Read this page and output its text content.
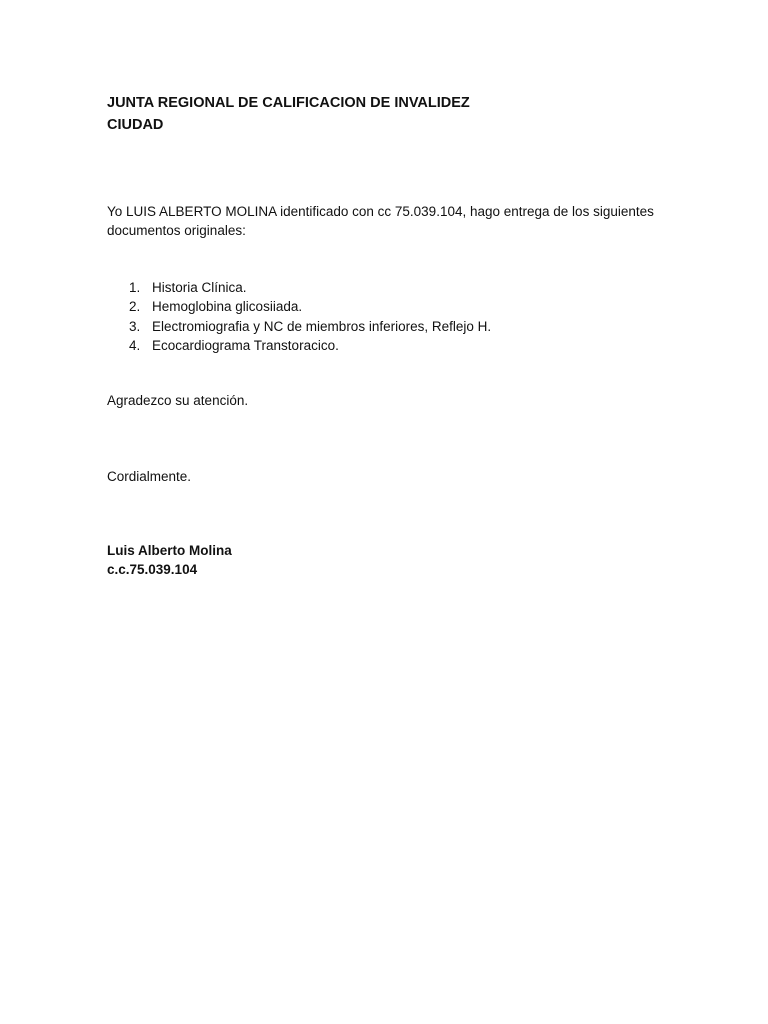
JUNTA REGIONAL DE CALIFICACION DE INVALIDEZ
CIUDAD
Yo LUIS ALBERTO MOLINA identificado con cc 75.039.104, hago entrega de los siguientes
documentos originales:
1. Historia Clínica.
2. Hemoglobina glicosiiada.
3. Electromiografia y NC de miembros inferiores, Reflejo H.
4. Ecocardiograma Transtoracico.
Agradezco su atención.
Cordialmente.
Luis Alberto Molina
c.c.75.039.104
